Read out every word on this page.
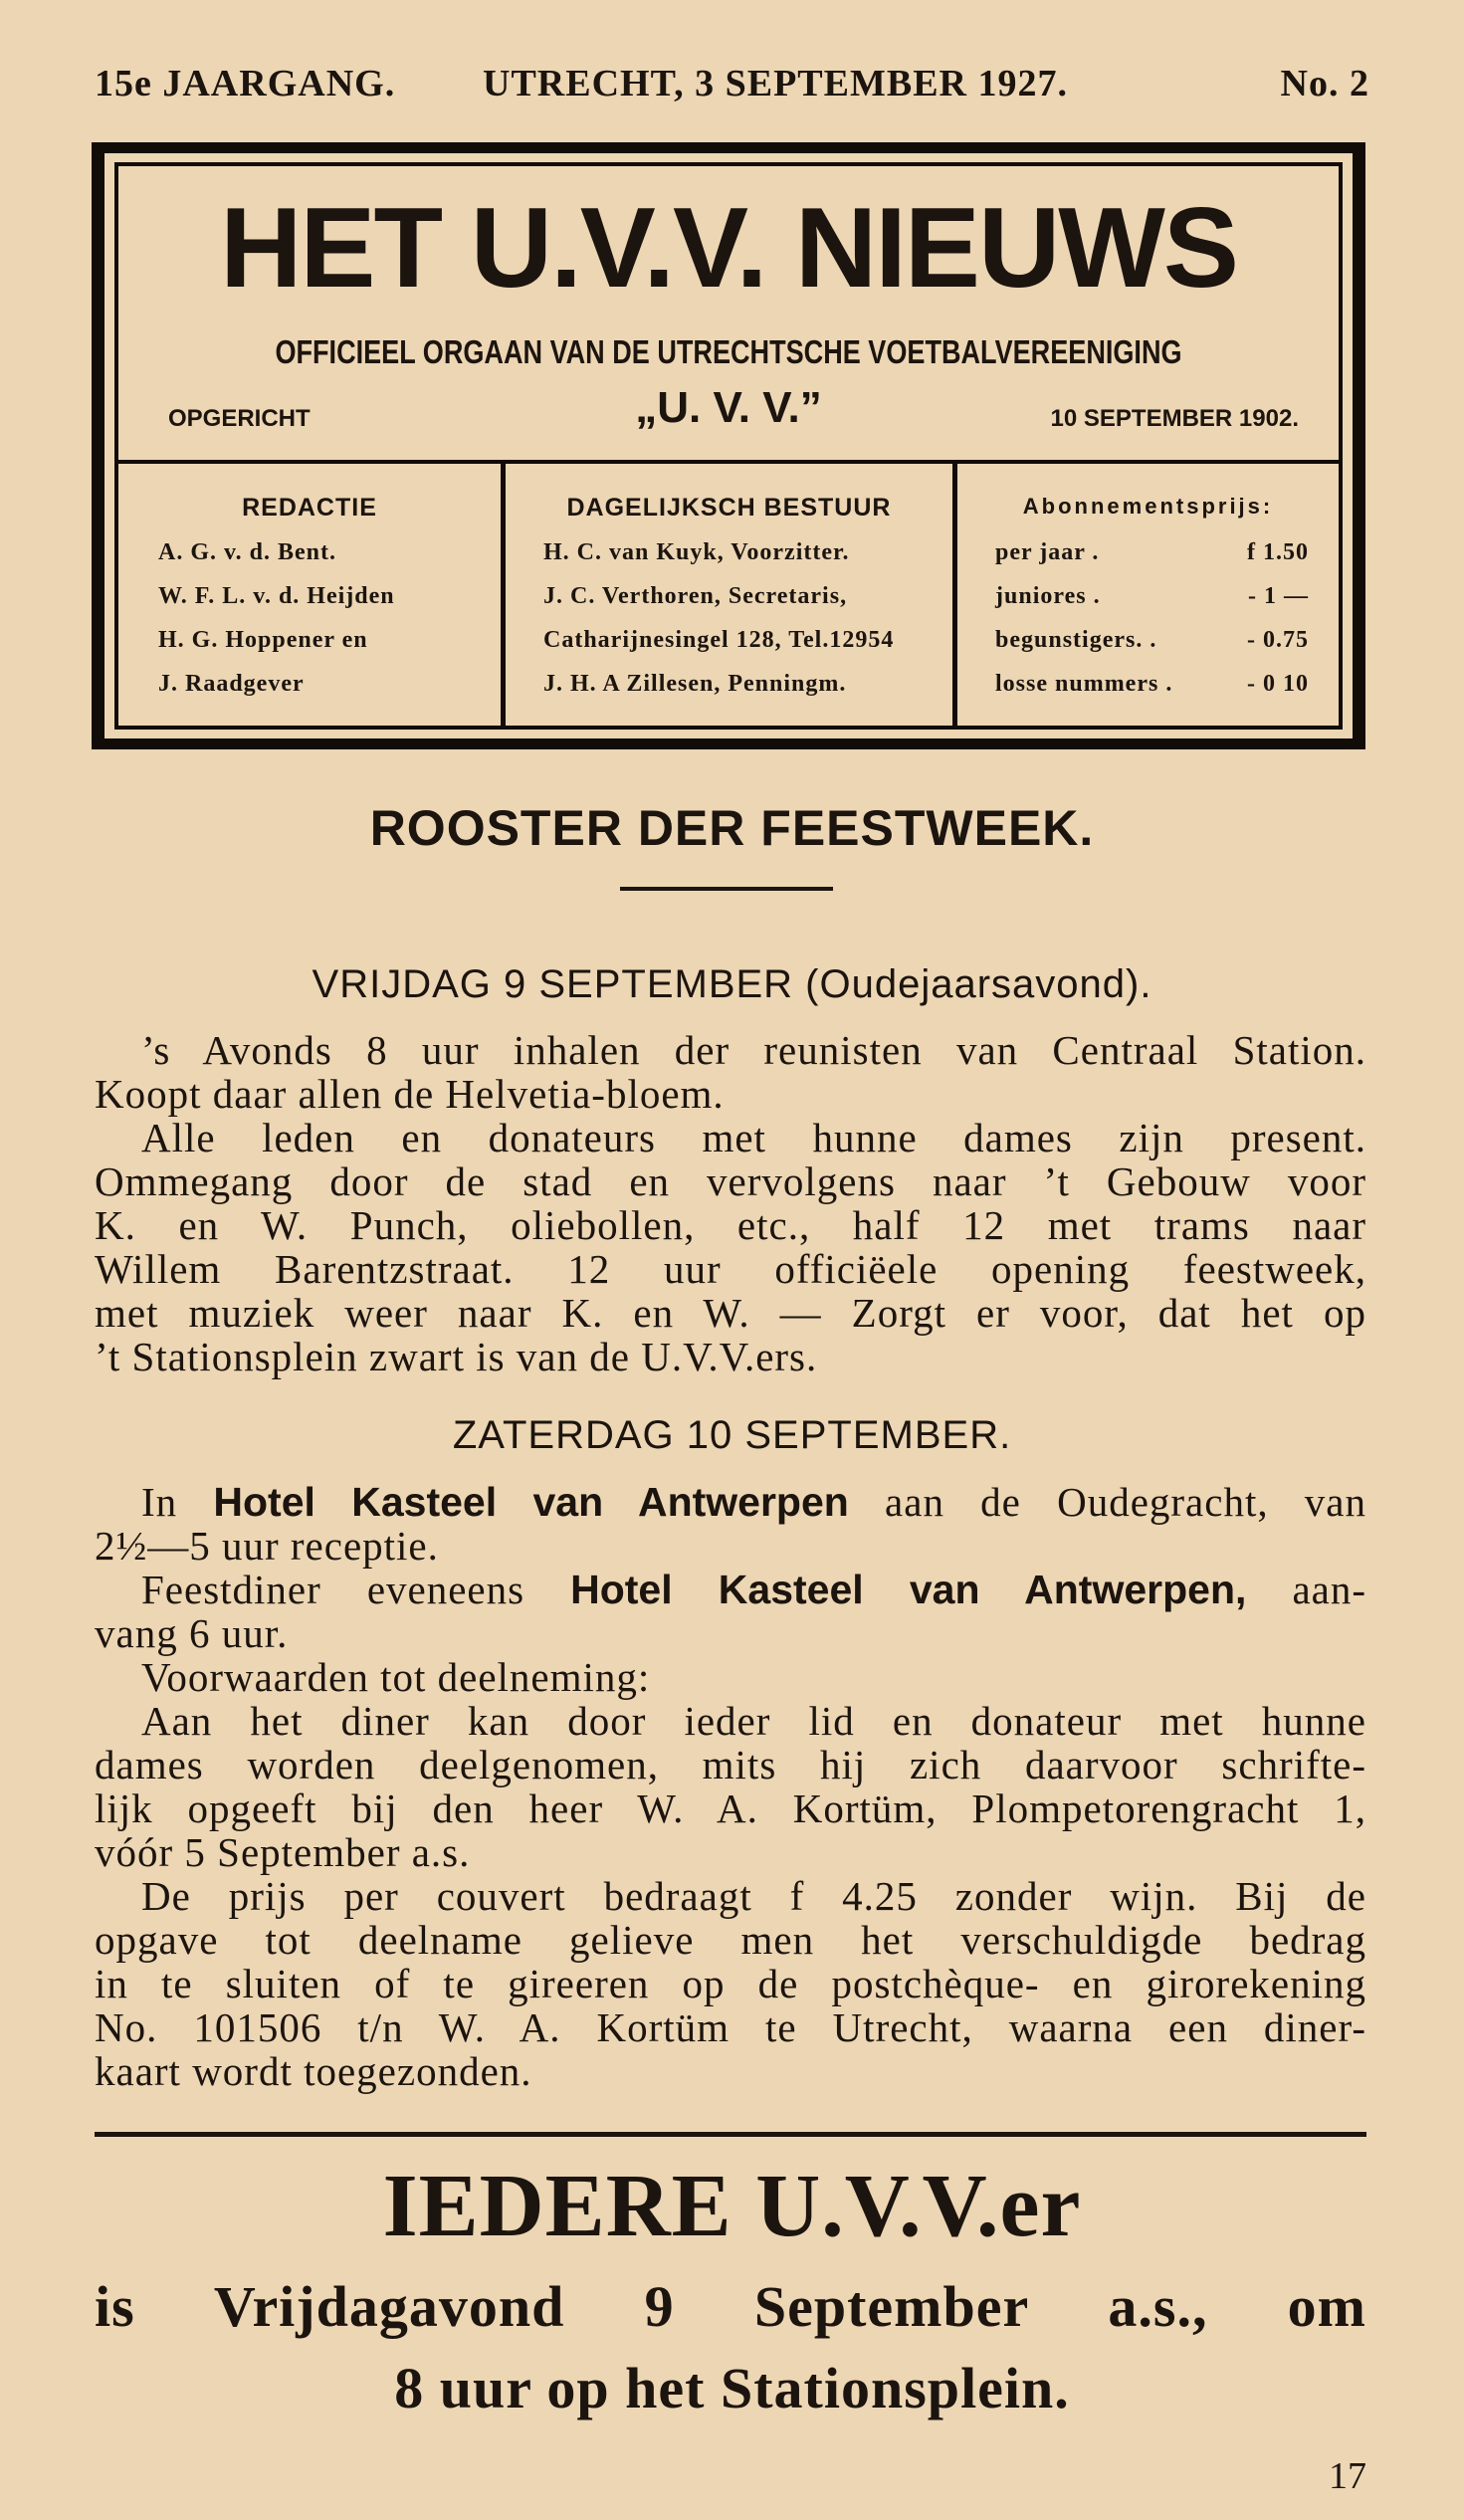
15e JAARGANG. UTRECHT, 3 SEPTEMBER 1927.	No. 2
HET U.V.V. NIEUWS
OFFICIEEL ORGAAN VAN DE UTRECHTSCHE VOETBALVEREENIGING
OPGERICHT	„U. V. V.”	10 SEPTEMBER 1902.
REDACTIE
A. G. v. d. Bent.
W. F. L. v. d. Heijden
H. G. Hoppener en
J. Raadgever
DAGELIJKSCH BESTUUR
H. C. van Kuyk, Voorzitter.
J. C. Verthoren, Secretaris,
Catharijnesingel 128, Tel.12954
J. H. A Zillesen, Penningm.
Abonnementsprijs:
per jaar .	f 1.50
juniores .	- 1 —
begunstigers. .	- 0.75
losse nummers .	- 0 10
ROOSTER DER FEESTWEEK.
VRIJDAG 9 SEPTEMBER (Oudejaarsavond).
’s Avonds 8 uur inhalen der reunisten van Centraal Station.
Koopt daar allen de Helvetia-bloem.
Alle leden en donateurs met hunne dames zijn present.
Ommegang door de stad en vervolgens naar ’t Gebouw voor
K. en W. Punch, oliebollen, etc., half 12 met trams naar
Willem Barentzstraat. 12 uur officiëele opening feestweek,
met muziek weer naar K. en W. — Zorgt er voor, dat het op
’t Stationsplein zwart is van de U.V.V.ers.
ZATERDAG 10 SEPTEMBER.
In Hotel Kasteel van Antwerpen aan de Oudegracht, van
2½—5 uur receptie.
Feestdiner eveneens Hotel Kasteel van Antwerpen, aan-
vang 6 uur.
Voorwaarden tot deelneming:
Aan het diner kan door ieder lid en donateur met hunne
dames worden deelgenomen, mits hij zich daarvoor schrifte-
lijk opgeeft bij den heer W. A. Kortüm, Plompetorengracht 1,
vóór 5 September a.s.
De prijs per couvert bedraagt f 4.25 zonder wijn. Bij de
opgave tot deelname gelieve men het verschuldigde bedrag
in te sluiten of te gireeren op de postchèque- en girorekening
No. 101506 t/n W. A. Kortüm te Utrecht, waarna een diner-
kaart wordt toegezonden.
IEDERE U.V.V.er
is Vrijdagavond 9 September a.s., om
8 uur op het Stationsplein.
17
